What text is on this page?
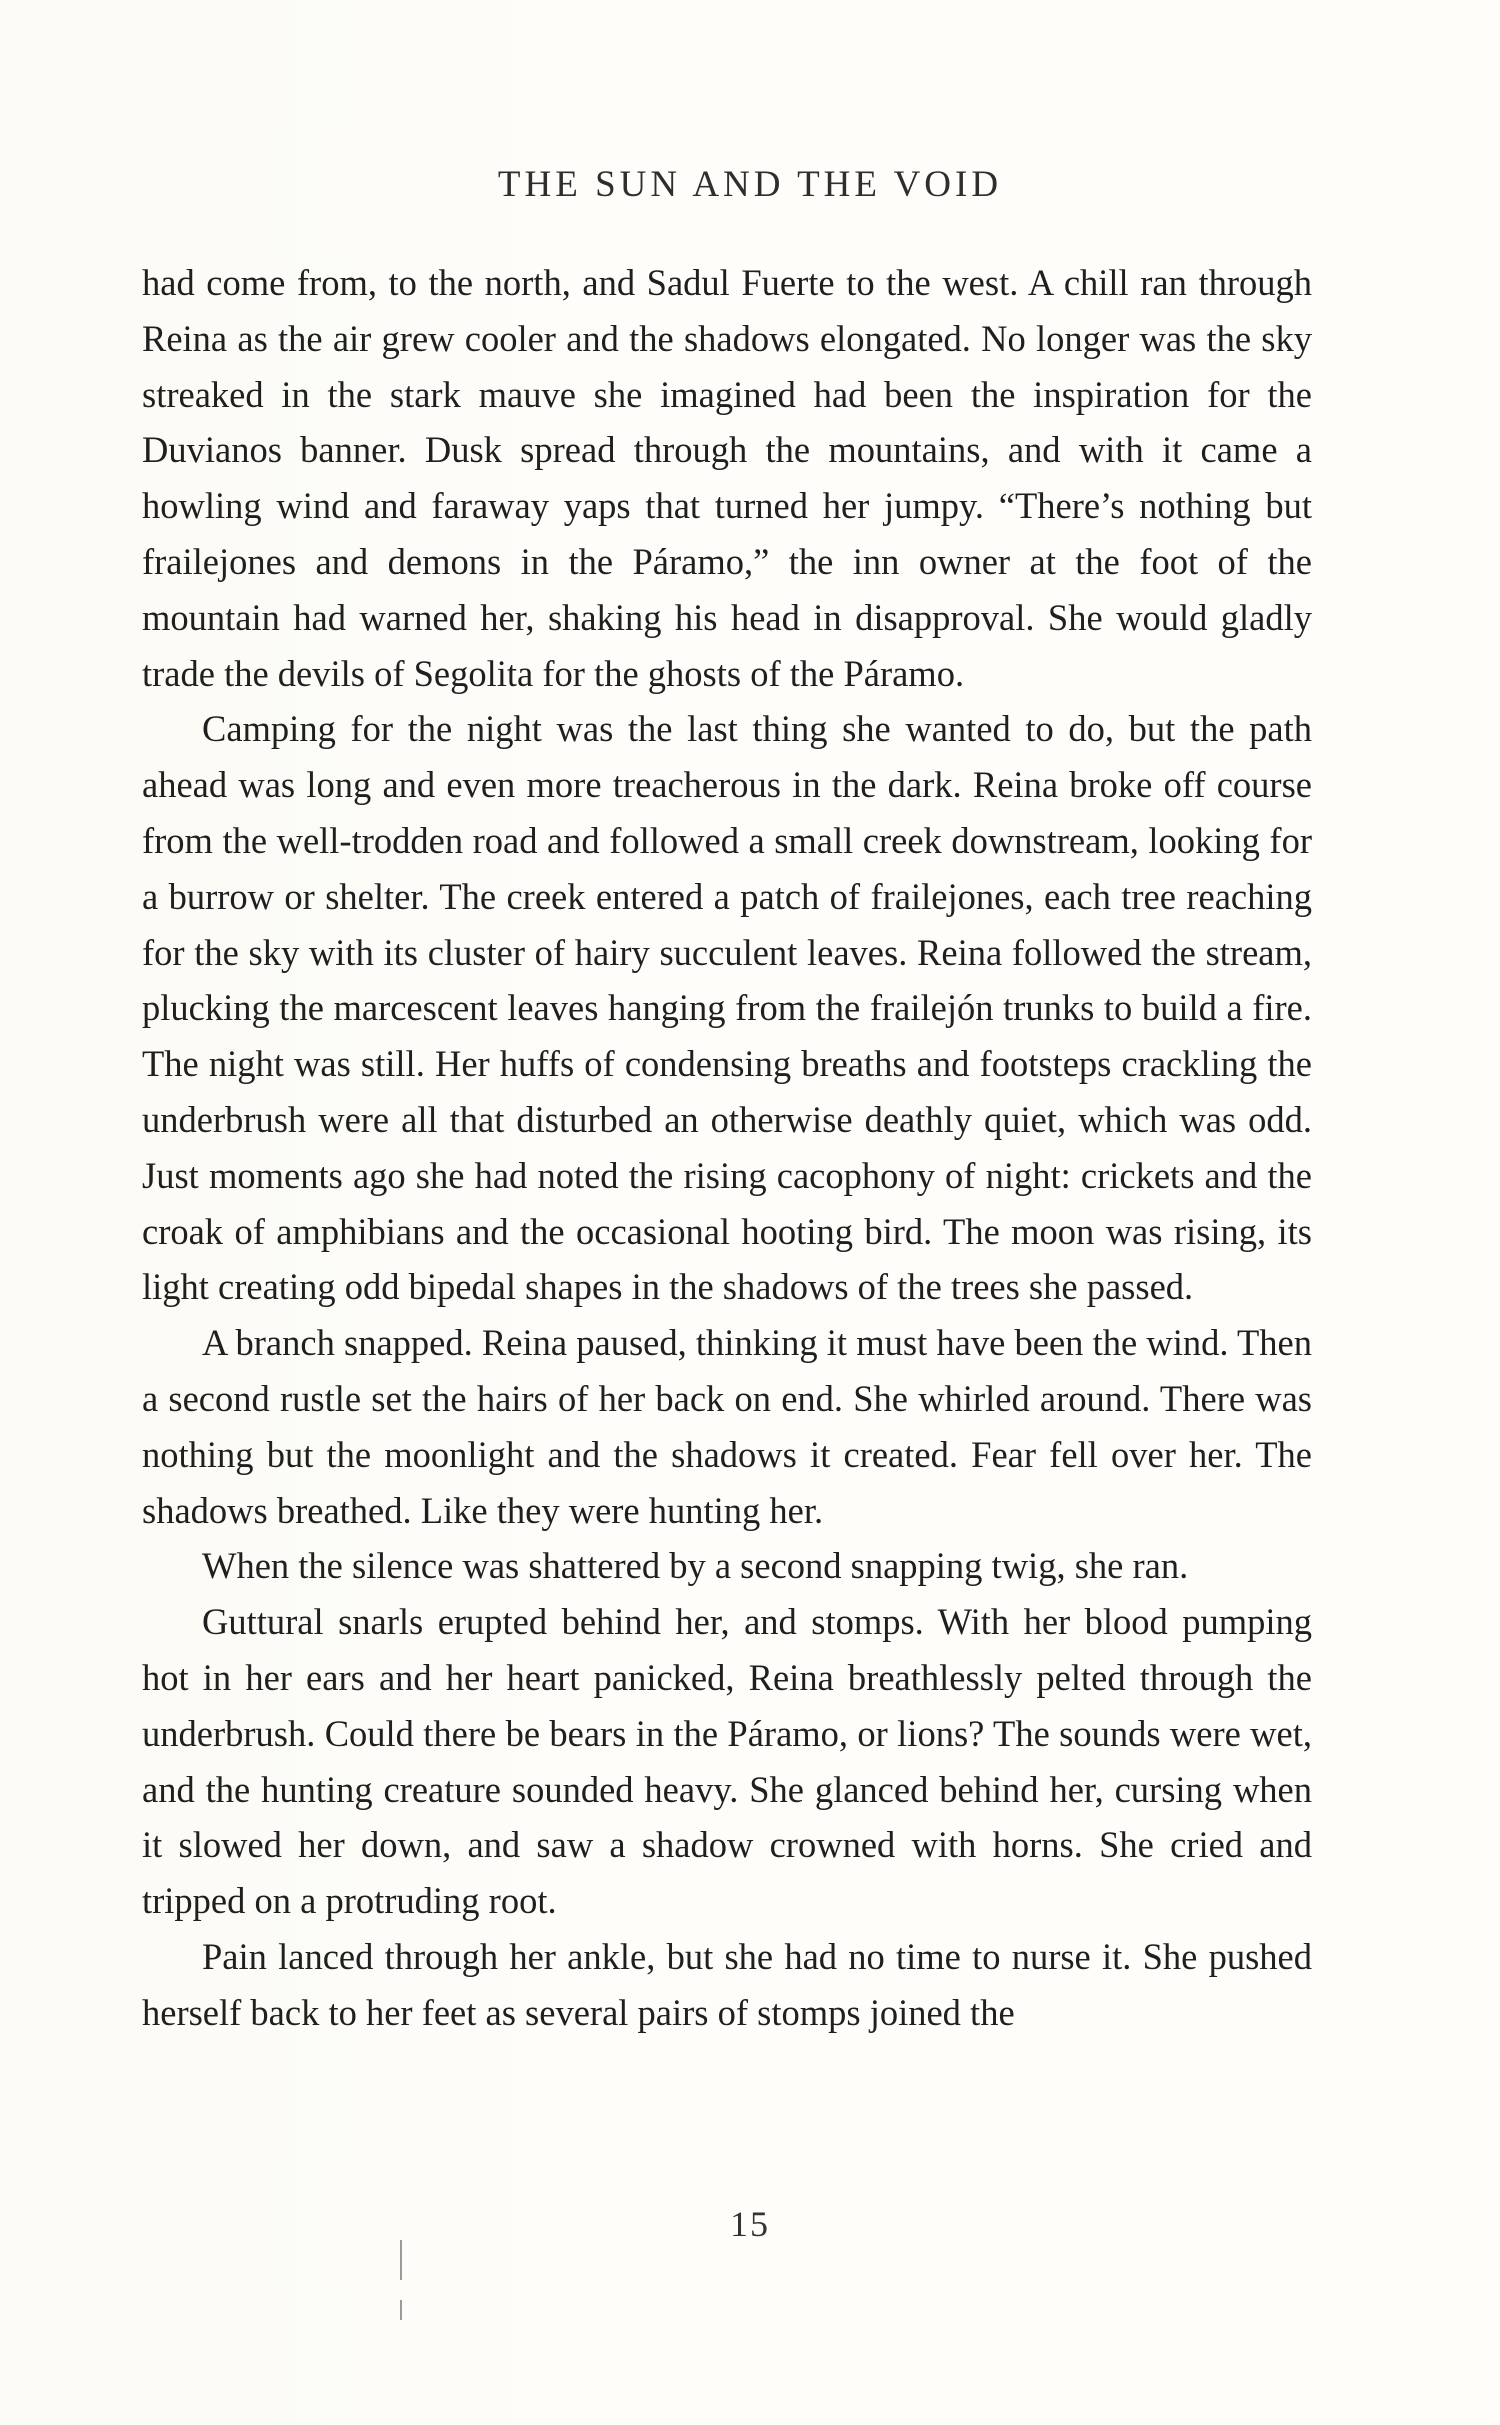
THE SUN AND THE VOID

had come from, to the north, and Sadul Fuerte to the west. A chill ran through Reina as the air grew cooler and the shadows elongated. No longer was the sky streaked in the stark mauve she imagined had been the inspiration for the Duvianos banner. Dusk spread through the mountains, and with it came a howling wind and faraway yaps that turned her jumpy. “There’s nothing but frailejones and demons in the Páramo,” the inn owner at the foot of the mountain had warned her, shaking his head in disapproval. She would gladly trade the devils of Segolita for the ghosts of the Páramo.

Camping for the night was the last thing she wanted to do, but the path ahead was long and even more treacherous in the dark. Reina broke off course from the well-trodden road and followed a small creek downstream, looking for a burrow or shelter. The creek entered a patch of frailejones, each tree reaching for the sky with its cluster of hairy succulent leaves. Reina followed the stream, plucking the marcescent leaves hanging from the frailejón trunks to build a fire. The night was still. Her huffs of condensing breaths and footsteps crackling the underbrush were all that disturbed an otherwise deathly quiet, which was odd. Just moments ago she had noted the rising cacophony of night: crickets and the croak of amphibians and the occasional hooting bird. The moon was rising, its light creating odd bipedal shapes in the shadows of the trees she passed.

A branch snapped. Reina paused, thinking it must have been the wind. Then a second rustle set the hairs of her back on end. She whirled around. There was nothing but the moonlight and the shadows it created. Fear fell over her. The shadows breathed. Like they were hunting her.

When the silence was shattered by a second snapping twig, she ran.

Guttural snarls erupted behind her, and stomps. With her blood pumping hot in her ears and her heart panicked, Reina breathlessly pelted through the underbrush. Could there be bears in the Páramo, or lions? The sounds were wet, and the hunting creature sounded heavy. She glanced behind her, cursing when it slowed her down, and saw a shadow crowned with horns. She cried and tripped on a protruding root.

Pain lanced through her ankle, but she had no time to nurse it. She pushed herself back to her feet as several pairs of stomps joined the

15
